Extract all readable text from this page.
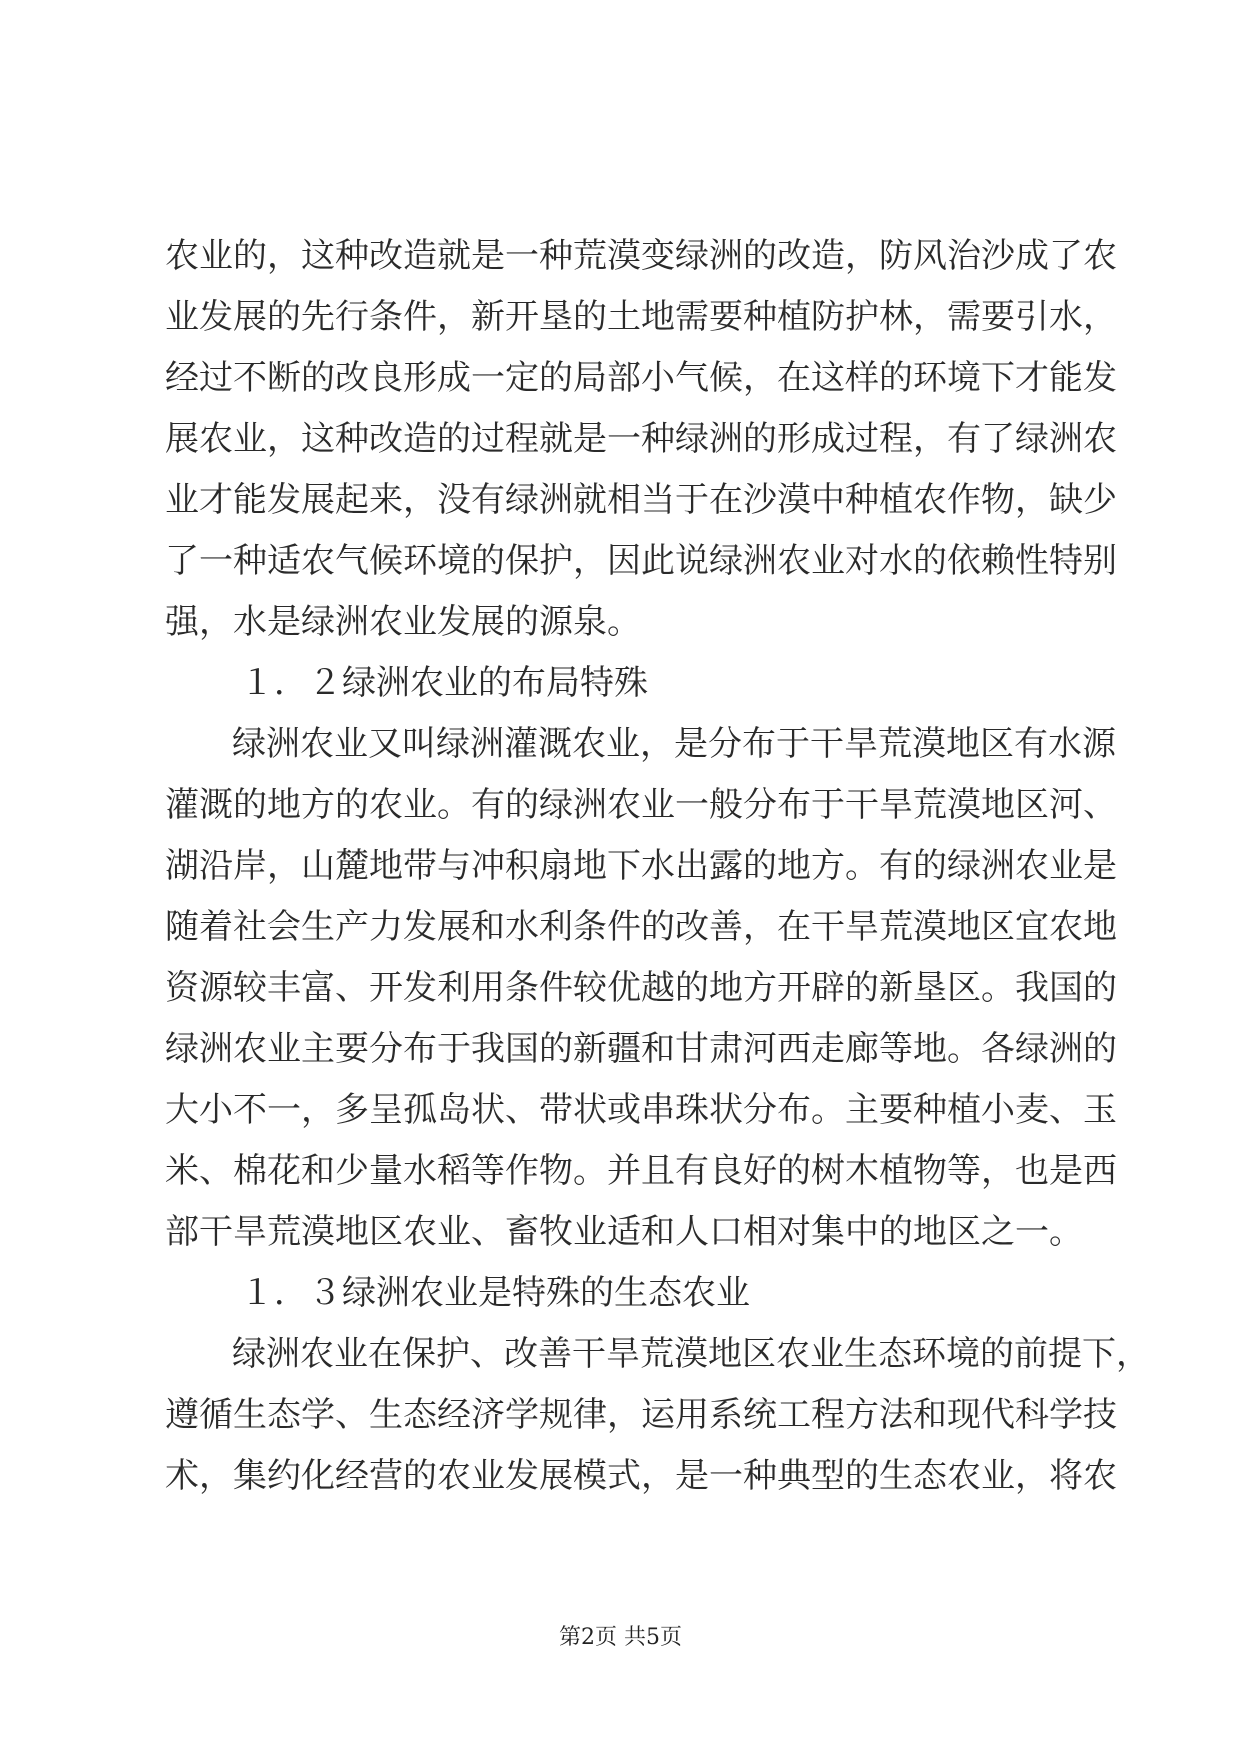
农业的，这种改造就是一种荒漠变绿洲的改造，防风治沙成了农
业发展的先行条件，新开垦的土地需要种植防护林，需要引水，
经过不断的改良形成一定的局部小气候，在这样的环境下才能发
展农业，这种改造的过程就是一种绿洲的形成过程，有了绿洲农
业才能发展起来，没有绿洲就相当于在沙漠中种植农作物，缺少
了一种适农气候环境的保护，因此说绿洲农业对水的依赖性特别
强，水是绿洲农业发展的源泉。
１．２绿洲农业的布局特殊
绿洲农业又叫绿洲灌溉农业，是分布于干旱荒漠地区有水源
灌溉的地方的农业。有的绿洲农业一般分布于干旱荒漠地区河、
湖沿岸，山麓地带与冲积扇地下水出露的地方。有的绿洲农业是
随着社会生产力发展和水利条件的改善，在干旱荒漠地区宜农地
资源较丰富、开发利用条件较优越的地方开辟的新垦区。我国的
绿洲农业主要分布于我国的新疆和甘肃河西走廊等地。各绿洲的
大小不一，多呈孤岛状、带状或串珠状分布。主要种植小麦、玉
米、棉花和少量水稻等作物。并且有良好的树木植物等，也是西
部干旱荒漠地区农业、畜牧业适和人口相对集中的地区之一。
１．３绿洲农业是特殊的生态农业
绿洲农业在保护、改善干旱荒漠地区农业生态环境的前提下，
遵循生态学、生态经济学规律，运用系统工程方法和现代科学技
术，集约化经营的农业发展模式，是一种典型的生态农业，将农
第2页 共5页
